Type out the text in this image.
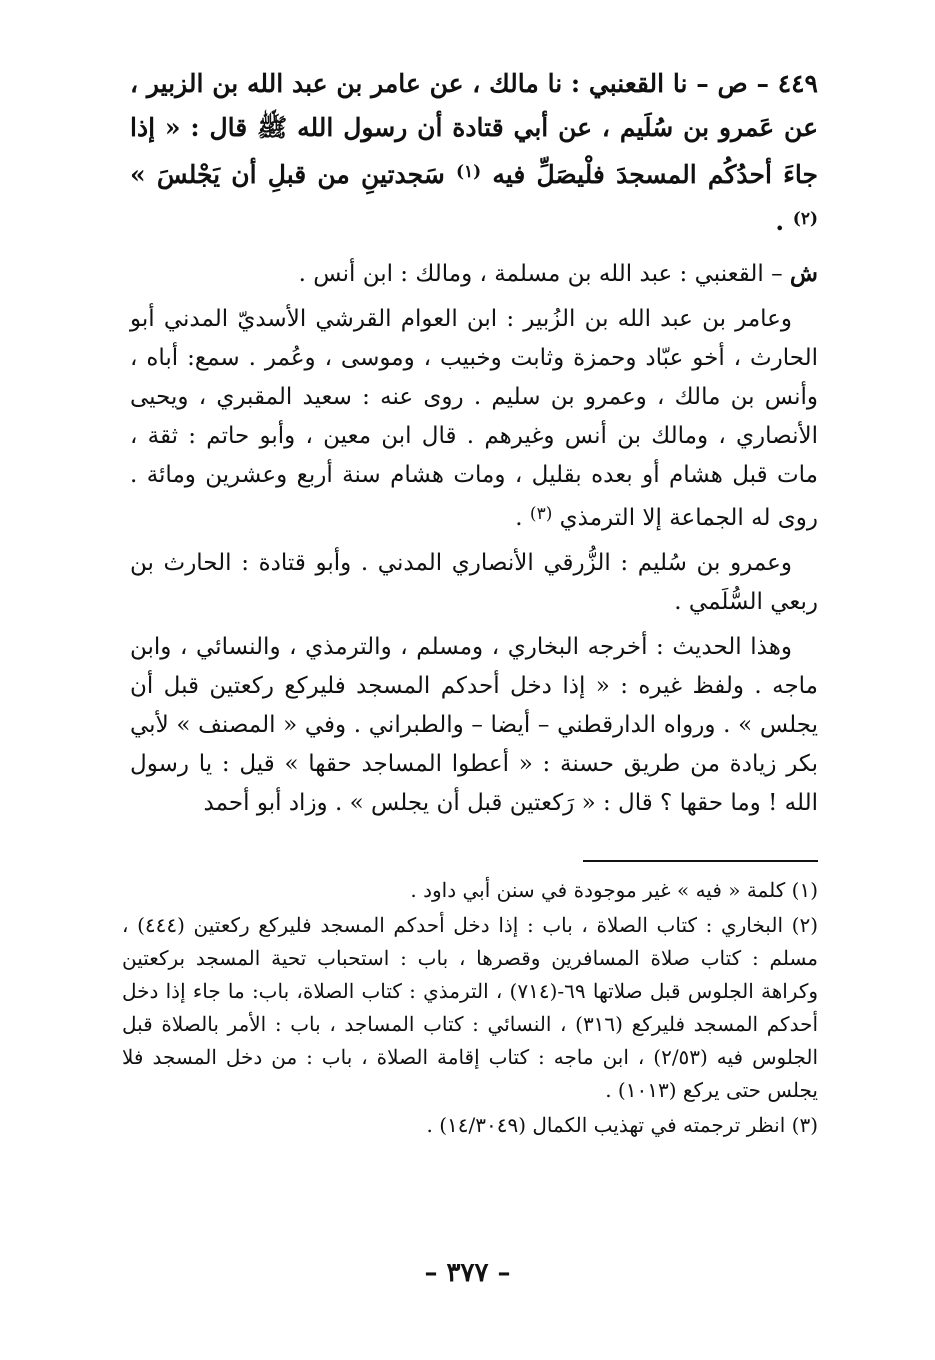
٤٤٩ – ص – نا القعنبي : نا مالك ، عن عامر بن عبد الله بن الزبير ، عن عَمرو بن سُلَيم ، عن أبي قتادة أن رسول الله ﷺ قال : « إذا جاءَ أحدُكُم المسجدَ فلْيصَلِّ فيه $^{(١)}$ سَجدتينِ من قبلِ أن يَجْلسَ » $^{(٢)}$ .

ش – القعنبي : عبد الله بن مسلمة ، ومالك : ابن أنس .

وعامر بن عبد الله بن الزُبير : ابن العوام القرشي الأسديّ المدني أبو الحارث ، أخو عبّاد وحمزة وثابت وخبيب ، وموسى ، وعُمر . سمع: أباه ، وأنس بن مالك ، وعمرو بن سليم . روى عنه : سعيد المقبري ، ويحيى الأنصاري ، ومالك بن أنس وغيرهم . قال ابن معين ، وأبو حاتم : ثقة ، مات قبل هشام أو بعده بقليل ، ومات هشام سنة أربع وعشرين ومائة . روى له الجماعة إلا الترمذي $^{(٣)}$ .

وعمرو بن سُليم : الزُّرقي الأنصاري المدني . وأبو قتادة : الحارث بن ربعي السُّلَمي .

وهذا الحديث : أخرجه البخاري ، ومسلم ، والترمذي ، والنسائي ، وابن ماجه . ولفظ غيره : « إذا دخل أحدكم المسجد فليركع ركعتين قبل أن يجلس » . ورواه الدارقطني – أيضا – والطبراني . وفي « المصنف » لأبي بكر زيادة من طريق حسنة : « أعطوا المساجد حقها » قيل : يا رسول الله ! وما حقها ؟ قال : « رَكعتين قبل أن يجلس » . وزاد أبو أحمد

(١) كلمة « فيه » غير موجودة في سنن أبي داود .

(٢) البخاري : كتاب الصلاة ، باب : إذا دخل أحدكم المسجد فليركع ركعتين (٤٤٤) ، مسلم : كتاب صلاة المسافرين وقصرها ، باب : استحباب تحية المسجد بركعتين وكراهة الجلوس قبل صلاتها ٦٩-(٧١٤) ، الترمذي : كتاب الصلاة، باب: ما جاء إذا دخل أحدكم المسجد فليركع (٣١٦) ، النسائي : كتاب المساجد ، باب : الأمر بالصلاة قبل الجلوس فيه (٢/٥٣) ، ابن ماجه : كتاب إقامة الصلاة ، باب : من دخل المسجد فلا يجلس حتى يركع (١٠١٣) .

(٣) انظر ترجمته في تهذيب الكمال (١٤/٣٠٤٩) .

– ٣٧٧ –
